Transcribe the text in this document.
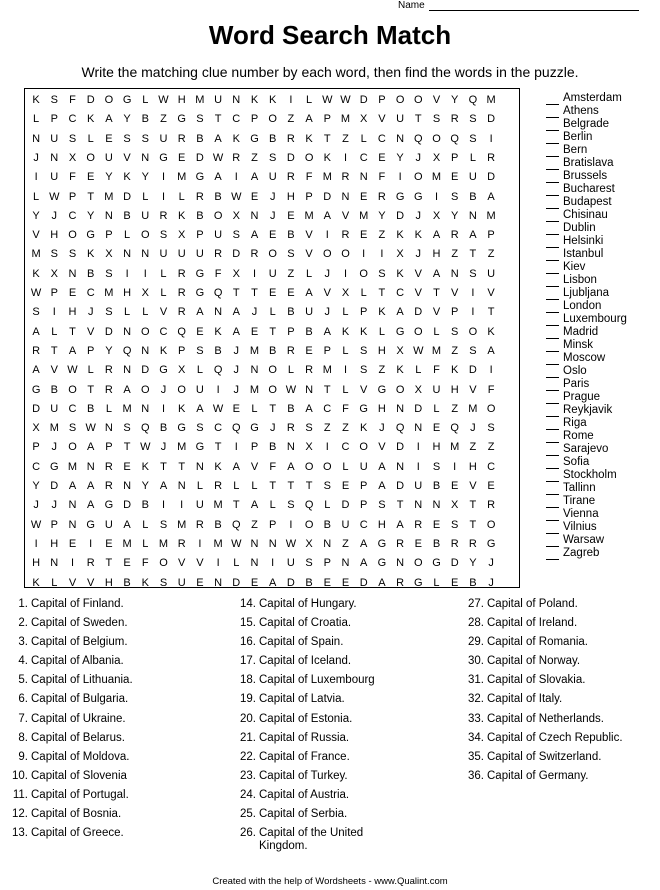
Name
Word Search Match
Write the matching clue number by each word, then find the words in the puzzle.
K S	F D O G L W H M U N K K	I	L W W D P O O V Y Q M
L	P C K A Y B	Z G S	T C P O Z	A P M X V U T	S R S D
N U S	L	E S S U R B A K G B R K	T	Z	L	C N Q O Q S	I
J	N X O U V N G E D W R Z	S D O K	I	C E Y	J	X P	L	R
I	U F	E Y K Y	I	M G A	I	A U R F M R N F	I	O M E U D
L W P	T M D	L	I	L	R B W E	J	H P D N E R G G	I	S B A
Y	J	C Y N B U R K B O X N	J	E M A V M Y D	J	X Y N M
V H O G P	L O S X P U S A E B V	I	R E	Z	K K A R A P
M S S K X N N U U U R D R O S V O O	I	I	X	J	H Z	T	Z
K X N B S	I	I	L	R G F	X	I	U Z	L	J	I	O S K V A N S U
W P E C M H X	L	R G Q T	T	E E A V X	L	T C V	T	V	I	V
S	I	H	J	S	L	L	V R A N A	J	L	B U	J	L	P K A D V P	I	T
A	L	T	V D N O C Q E K A E	T	P B A K K	L G O L	S O K
R T	A P Y Q N K P S B	J M B R E P	L	S H X W M Z	S A
A V W L	R N D G X	L Q	J	N O L	R M	I	S	Z	K	L	F	K D	I
G B O T R A O	J	O U	I	J M O W N T	L	V G O X U H V	F
D U C B	L M N	I	K A W E	L	T	B A C F G H N D	L	Z M O
X M S W N S Q B G S C Q G	J	R S	Z	Z	K	J	Q N E Q	J	S
P	J	O A P	T W J M G T	I	P B N X	I	C O V D	I	H M Z	Z
C G M N R E K	T	T N K A V	F	A O O L	U A N	I	S	I	H C
Y D A A R N Y A N	L	R	L	L	T	T	T	S E P A D U B E V E
J	J	N A G D B	I	I	U M T	A	L	S Q L	D P S	T N N X	T R
W P N G U A	L	S M R B Q Z	P	I	O B U C H A R E S	T O
I	H E	I	E M L M R	I	M W N N W X N Z	A G R E B R R G
H N	I	R T	E	F O V V	I	L	N	I	U S P N A G N O G D Y	J
K	L	V V H B K S U E N D E A D B E E D A R G L	E B	J
Amsterdam
Athens
Belgrade
Berlin
Bern
Bratislava
Brussels
Bucharest
Budapest
Chisinau
Dublin
Helsinki
Istanbul
Kiev
Lisbon
Ljubljana
London
Luxembourg
Madrid
Minsk
Moscow
Oslo
Paris
Prague
Reykjavik
Riga
Rome
Sarajevo
Sofia
Stockholm
Tallinn
Tirane
Vienna
Vilnius
Warsaw
Zagreb
1. Capital of Finland.
2. Capital of Sweden.
3. Capital of Belgium.
4. Capital of Albania.
5. Capital of Lithuania.
6. Capital of Bulgaria.
7. Capital of Ukraine.
8. Capital of Belarus.
9. Capital of Moldova.
10. Capital of Slovenia
11. Capital of Portugal.
12. Capital of Bosnia.
13. Capital of Greece.
14. Capital of Hungary.
15. Capital of Croatia.
16. Capital of Spain.
17. Capital of Iceland.
18. Capital of Luxembourg
19. Capital of Latvia.
20. Capital of Estonia.
21. Capital of Russia.
22. Capital of France.
23. Capital of Turkey.
24. Capital of Austria.
25. Capital of Serbia.
26. Capital of the United Kingdom.
27. Capital of Poland.
28. Capital of Ireland.
29. Capital of Romania.
30. Capital of Norway.
31. Capital of Slovakia.
32. Capital of Italy.
33. Capital of Netherlands.
34. Capital of Czech Republic.
35. Capital of Switzerland.
36. Capital of Germany.
Created with the help of Wordsheets - www.Qualint.com
